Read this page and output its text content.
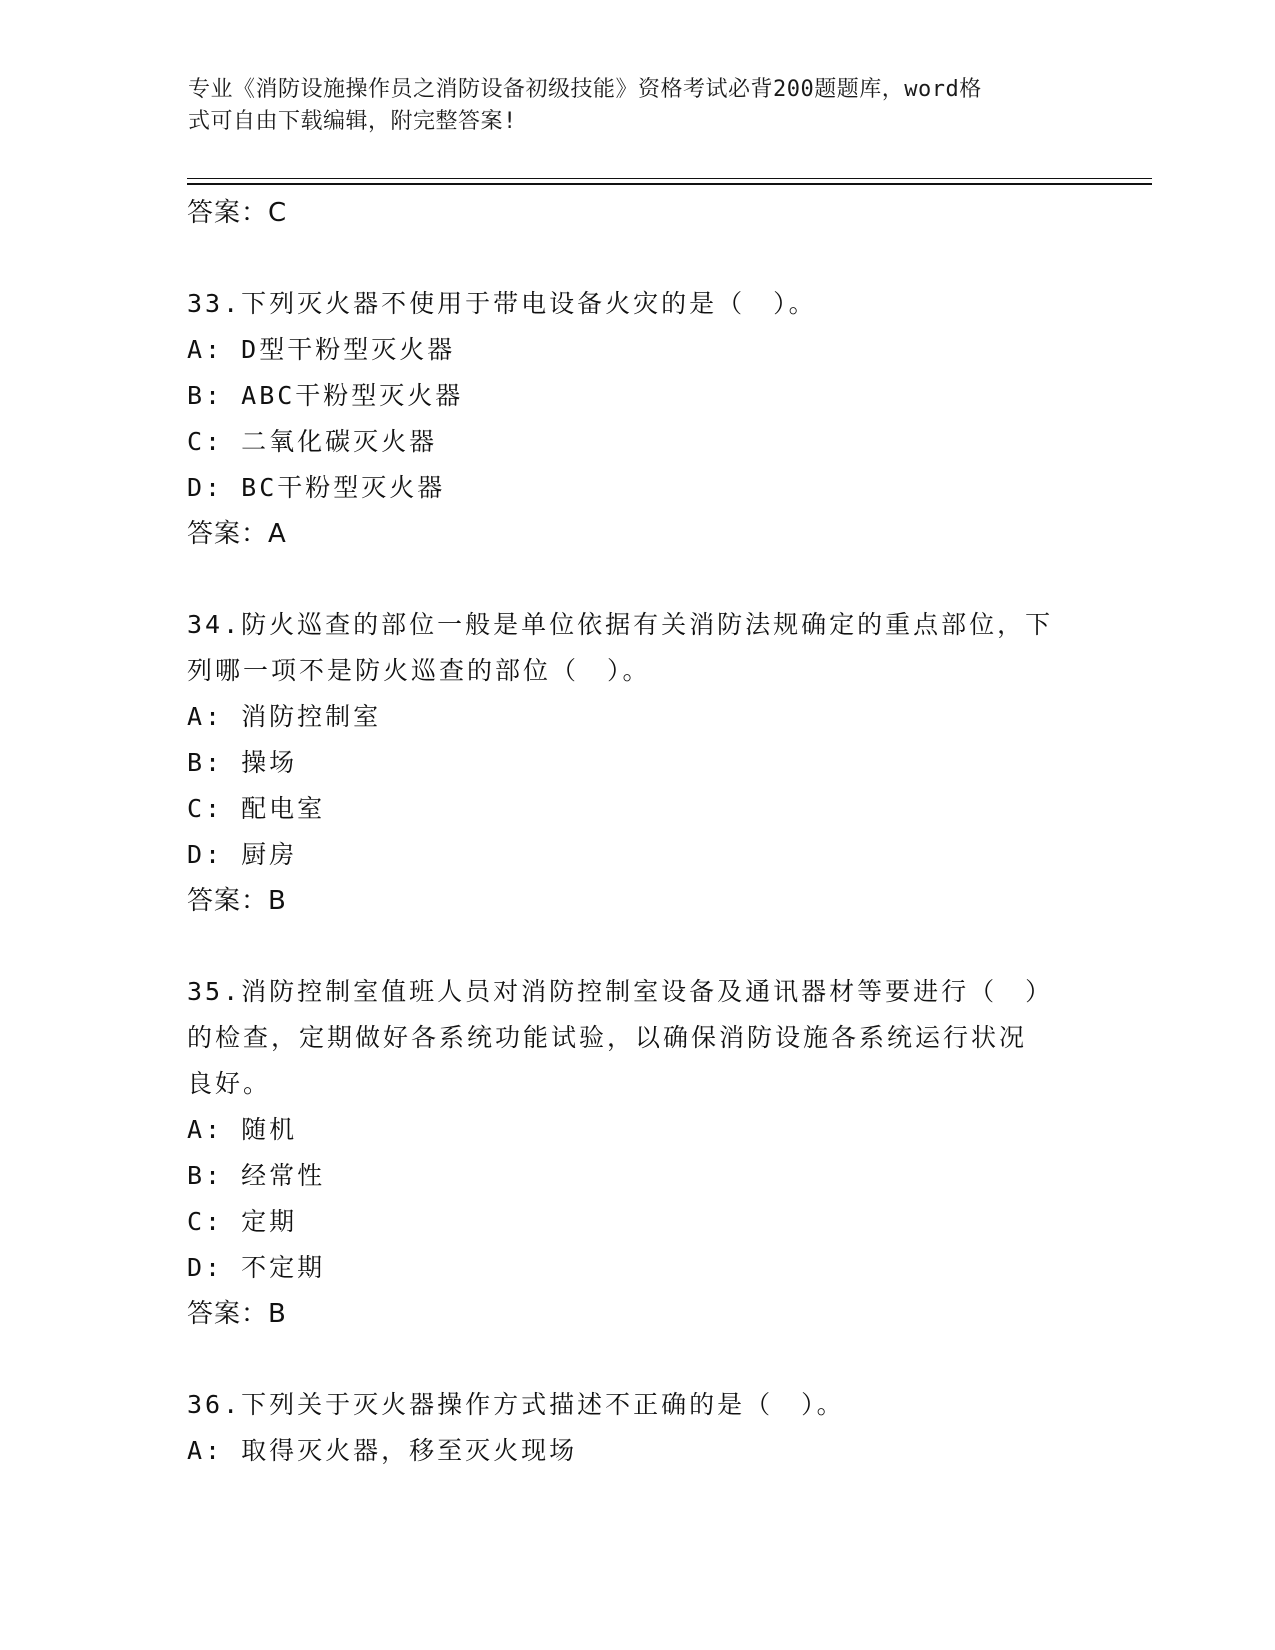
专业《消防设施操作员之消防设备初级技能》资格考试必背200题题库，word格
式可自由下载编辑，附完整答案!
答案：C
33.下列灭火器不使用于带电设备火灾的是（　）。
A: D型干粉型灭火器
B: ABC干粉型灭火器
C: 二氧化碳灭火器
D: BC干粉型灭火器
答案：A
34.防火巡查的部位一般是单位依据有关消防法规确定的重点部位，下
列哪一项不是防火巡查的部位（　）。
A: 消防控制室
B: 操场
C: 配电室
D: 厨房
答案：B
35.消防控制室值班人员对消防控制室设备及通讯器材等要进行（　）
的检查，定期做好各系统功能试验，以确保消防设施各系统运行状况
良好。
A: 随机
B: 经常性
C: 定期
D: 不定期
答案：B
36.下列关于灭火器操作方式描述不正确的是（　）。
A: 取得灭火器，移至灭火现场
